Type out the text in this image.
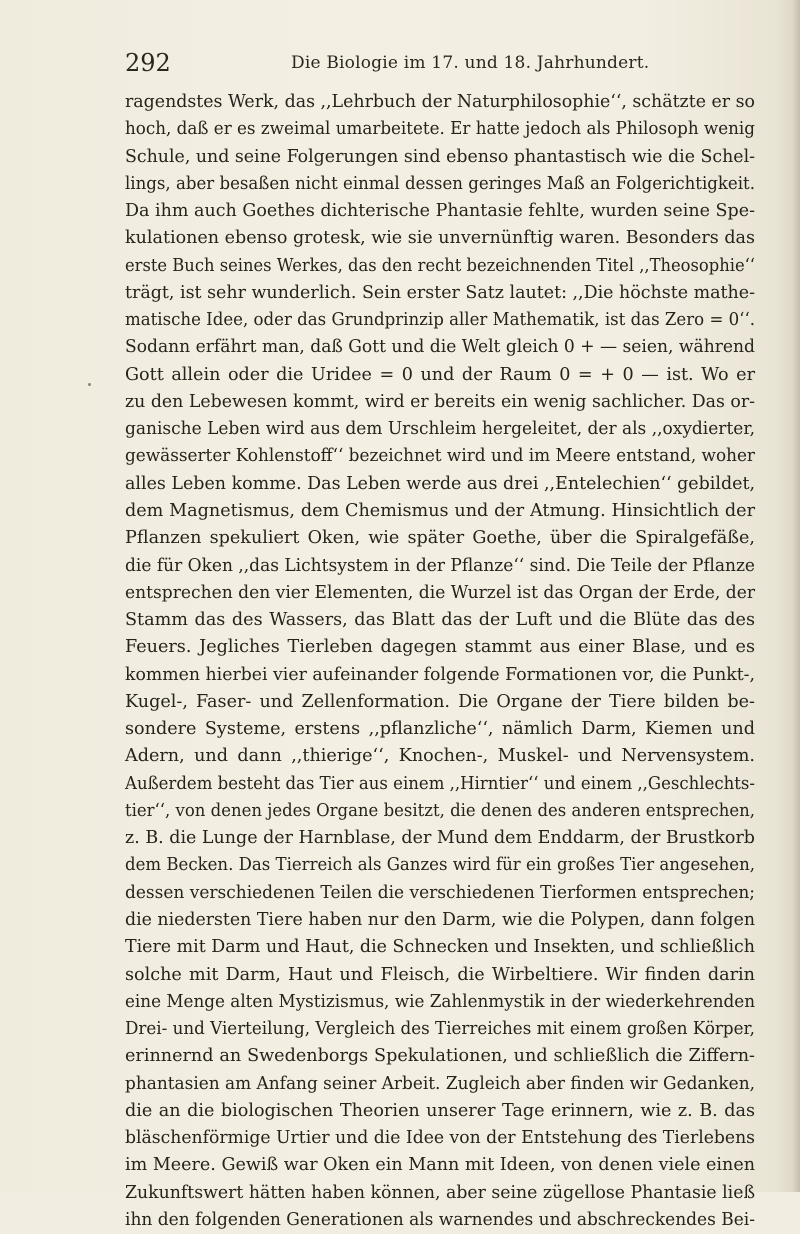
292	Die Biologie im 17. und 18. Jahrhundert.
ragendstes Werk, das ,,Lehrbuch der Naturphilosophie‘‘, schätzte er so
hoch, daß er es zweimal umarbeitete. Er hatte jedoch als Philosoph wenig
Schule, und seine Folgerungen sind ebenso phantastisch wie die Schel-
lings, aber besaßen nicht einmal dessen geringes Maß an Folgerichtigkeit.
Da ihm auch Goethes dichterische Phantasie fehlte, wurden seine Spe-
kulationen ebenso grotesk, wie sie unvernünftig waren. Besonders das
erste Buch seines Werkes, das den recht bezeichnenden Titel ,,Theosophie‘‘
trägt, ist sehr wunderlich. Sein erster Satz lautet: ,,Die höchste mathe-
matische Idee, oder das Grundprinzip aller Mathematik, ist das Zero = 0‘‘.
Sodann erfährt man, daß Gott und die Welt gleich 0 + — seien, während
Gott allein oder die Uridee = 0 und der Raum 0 = + 0 — ist. Wo er
zu den Lebewesen kommt, wird er bereits ein wenig sachlicher. Das or-
ganische Leben wird aus dem Urschleim hergeleitet, der als ,,oxydierter,
gewässerter Kohlenstoff‘‘ bezeichnet wird und im Meere entstand, woher
alles Leben komme. Das Leben werde aus drei ,,Entelechien‘‘ gebildet,
dem Magnetismus, dem Chemismus und der Atmung. Hinsichtlich der
Pflanzen spekuliert Oken, wie später Goethe, über die Spiralgefäße,
die für Oken ,,das Lichtsystem in der Pflanze‘‘ sind. Die Teile der Pflanze
entsprechen den vier Elementen, die Wurzel ist das Organ der Erde, der
Stamm das des Wassers, das Blatt das der Luft und die Blüte das des
Feuers. Jegliches Tierleben dagegen stammt aus einer Blase, und es
kommen hierbei vier aufeinander folgende Formationen vor, die Punkt-,
Kugel-, Faser- und Zellenformation. Die Organe der Tiere bilden be-
sondere Systeme, erstens ,,pflanzliche‘‘, nämlich Darm, Kiemen und
Adern, und dann ,,thierige‘‘, Knochen-, Muskel- und Nervensystem.
Außerdem besteht das Tier aus einem ,,Hirntier‘‘ und einem ,,Geschlechts-
tier‘‘, von denen jedes Organe besitzt, die denen des anderen entsprechen,
z. B. die Lunge der Harnblase, der Mund dem Enddarm, der Brustkorb
dem Becken. Das Tierreich als Ganzes wird für ein großes Tier angesehen,
dessen verschiedenen Teilen die verschiedenen Tierformen entsprechen;
die niedersten Tiere haben nur den Darm, wie die Polypen, dann folgen
Tiere mit Darm und Haut, die Schnecken und Insekten, und schließlich
solche mit Darm, Haut und Fleisch, die Wirbeltiere. Wir finden darin
eine Menge alten Mystizismus, wie Zahlenmystik in der wiederkehrenden
Drei- und Vierteilung, Vergleich des Tierreiches mit einem großen Körper,
erinnernd an Swedenborgs Spekulationen, und schließlich die Ziffern-
phantasien am Anfang seiner Arbeit. Zugleich aber finden wir Gedanken,
die an die biologischen Theorien unserer Tage erinnern, wie z. B. das
bläschenförmige Urtier und die Idee von der Entstehung des Tierlebens
im Meere. Gewiß war Oken ein Mann mit Ideen, von denen viele einen
Zukunftswert hätten haben können, aber seine zügellose Phantasie ließ
ihn den folgenden Generationen als warnendes und abschreckendes Bei-
